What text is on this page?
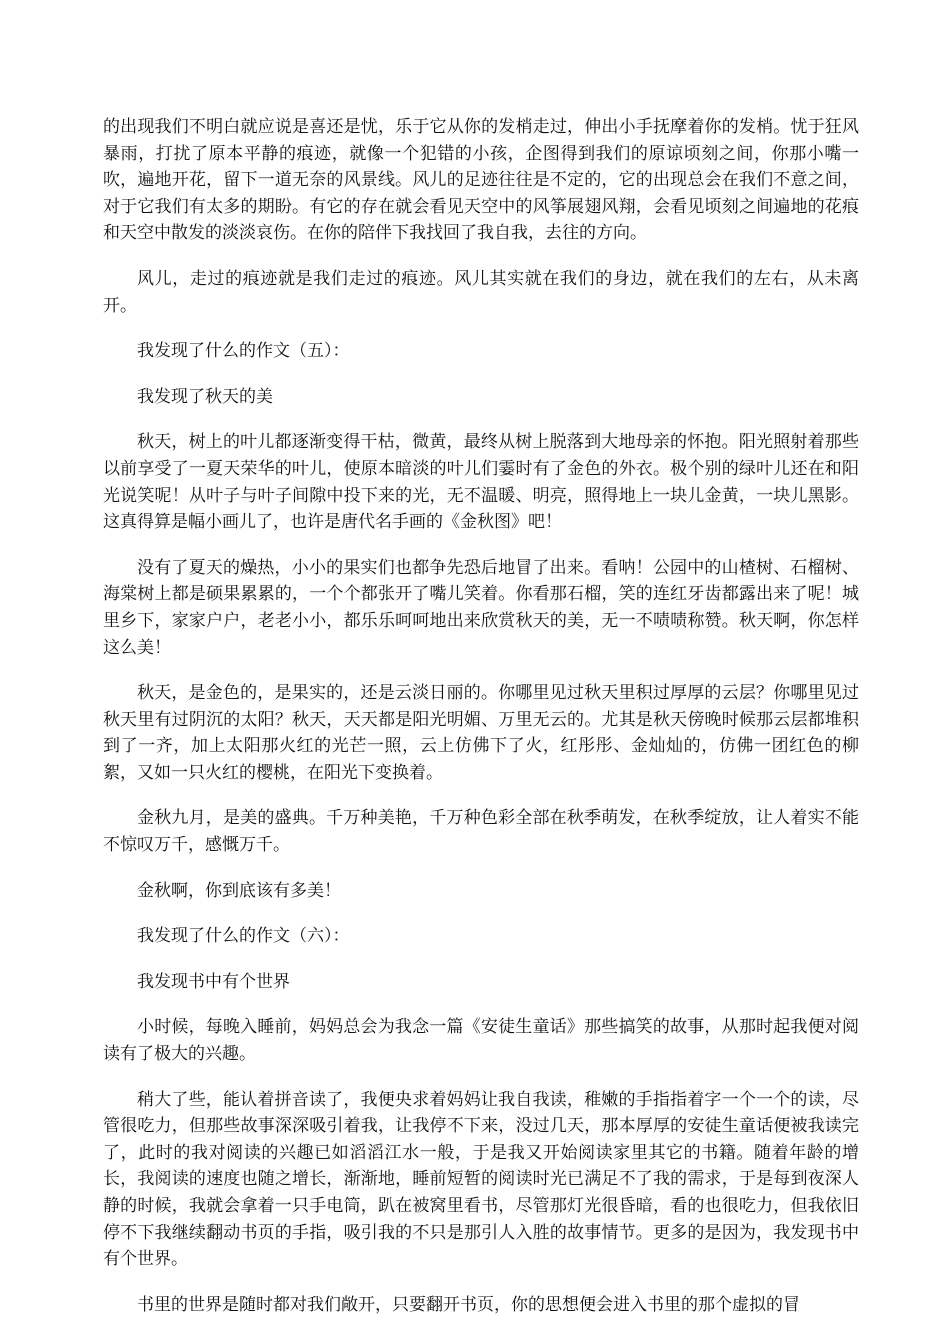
的出现我们不明白就应说是喜还是忧，乐于它从你的发梢走过，伸出小手抚摩着你的发梢。忧于狂风暴雨，打扰了原本平静的痕迹，就像一个犯错的小孩，企图得到我们的原谅顷刻之间，你那小嘴一吹，遍地开花，留下一道无奈的风景线。风儿的足迹往往是不定的，它的出现总会在我们不意之间，对于它我们有太多的期盼。有它的存在就会看见天空中的风筝展翅风翔，会看见顷刻之间遍地的花痕和天空中散发的淡淡哀伤。在你的陪伴下我找回了我自我，去往的方向。

风儿，走过的痕迹就是我们走过的痕迹。风儿其实就在我们的身边，就在我们的左右，从未离开。

我发现了什么的作文（五）：

我发现了秋天的美

秋天，树上的叶儿都逐渐变得干枯，微黄，最终从树上脱落到大地母亲的怀抱。阳光照射着那些以前享受了一夏天荣华的叶儿，使原本暗淡的叶儿们霎时有了金色的外衣。极个别的绿叶儿还在和阳光说笑呢！从叶子与叶子间隙中投下来的光，无不温暖、明亮，照得地上一块儿金黄，一块儿黑影。这真得算是幅小画儿了，也许是唐代名手画的《金秋图》吧！

没有了夏天的燥热，小小的果实们也都争先恐后地冒了出来。看呐！公园中的山楂树、石榴树、海棠树上都是硕果累累的，一个个都张开了嘴儿笑着。你看那石榴，笑的连红牙齿都露出来了呢！城里乡下，家家户户，老老小小，都乐乐呵呵地出来欣赏秋天的美，无一不啧啧称赞。秋天啊，你怎样这么美！

秋天，是金色的，是果实的，还是云淡日丽的。你哪里见过秋天里积过厚厚的云层？你哪里见过秋天里有过阴沉的太阳？秋天，天天都是阳光明媚、万里无云的。尤其是秋天傍晚时候那云层都堆积到了一齐，加上太阳那火红的光芒一照，云上仿佛下了火，红彤彤、金灿灿的，仿佛一团红色的柳絮，又如一只火红的樱桃，在阳光下变换着。

金秋九月，是美的盛典。千万种美艳，千万种色彩全部在秋季萌发，在秋季绽放，让人着实不能不惊叹万千，感慨万千。

金秋啊，你到底该有多美！

我发现了什么的作文（六）：

我发现书中有个世界

小时候，每晚入睡前，妈妈总会为我念一篇《安徒生童话》那些搞笑的故事，从那时起我便对阅读有了极大的兴趣。

稍大了些，能认着拼音读了，我便央求着妈妈让我自我读，稚嫩的手指指着字一个一个的读，尽管很吃力，但那些故事深深吸引着我，让我停不下来，没过几天，那本厚厚的安徒生童话便被我读完了，此时的我对阅读的兴趣已如滔滔江水一般，于是我又开始阅读家里其它的书籍。随着年龄的增长，我阅读的速度也随之增长，渐渐地，睡前短暂的阅读时光已满足不了我的需求，于是每到夜深人静的时候，我就会拿着一只手电筒，趴在被窝里看书，尽管那灯光很昏暗，看的也很吃力，但我依旧停不下我继续翻动书页的手指，吸引我的不只是那引人入胜的故事情节。更多的是因为，我发现书中有个世界。

书里的世界是随时都对我们敞开，只要翻开书页，你的思想便会进入书里的那个虚拟的冒
